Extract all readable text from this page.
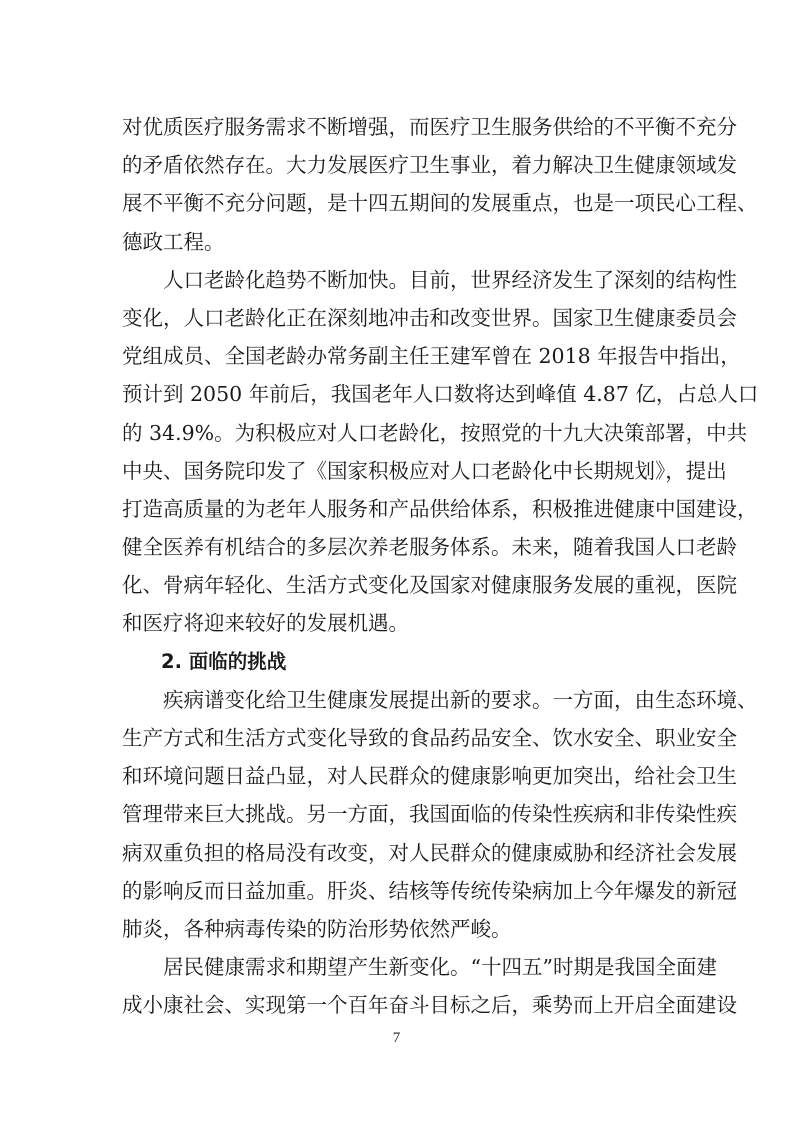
对优质医疗服务需求不断增强，而医疗卫生服务供给的不平衡不充分
的矛盾依然存在。大力发展医疗卫生事业，着力解决卫生健康领域发
展不平衡不充分问题，是十四五期间的发展重点，也是一项民心工程、
德政工程。
　　人口老龄化趋势不断加快。目前，世界经济发生了深刻的结构性
变化，人口老龄化正在深刻地冲击和改变世界。国家卫生健康委员会
党组成员、全国老龄办常务副主任王建军曾在 2018 年报告中指出，
预计到 2050 年前后，我国老年人口数将达到峰值 4.87 亿，占总人口
的 34.9%。为积极应对人口老龄化，按照党的十九大决策部署，中共
中央、国务院印发了《国家积极应对人口老龄化中长期规划》，提出
打造高质量的为老年人服务和产品供给体系，积极推进健康中国建设，
健全医养有机结合的多层次养老服务体系。未来，随着我国人口老龄
化、骨病年轻化、生活方式变化及国家对健康服务发展的重视，医院
和医疗将迎来较好的发展机遇。
　　2. 面临的挑战
　　疾病谱变化给卫生健康发展提出新的要求。一方面，由生态环境、
生产方式和生活方式变化导致的食品药品安全、饮水安全、职业安全
和环境问题日益凸显，对人民群众的健康影响更加突出，给社会卫生
管理带来巨大挑战。另一方面，我国面临的传染性疾病和非传染性疾
病双重负担的格局没有改变，对人民群众的健康威胁和经济社会发展
的影响反而日益加重。肝炎、结核等传统传染病加上今年爆发的新冠
肺炎，各种病毒传染的防治形势依然严峻。
　　居民健康需求和期望产生新变化。“十四五”时期是我国全面建
成小康社会、实现第一个百年奋斗目标之后，乘势而上开启全面建设
7
